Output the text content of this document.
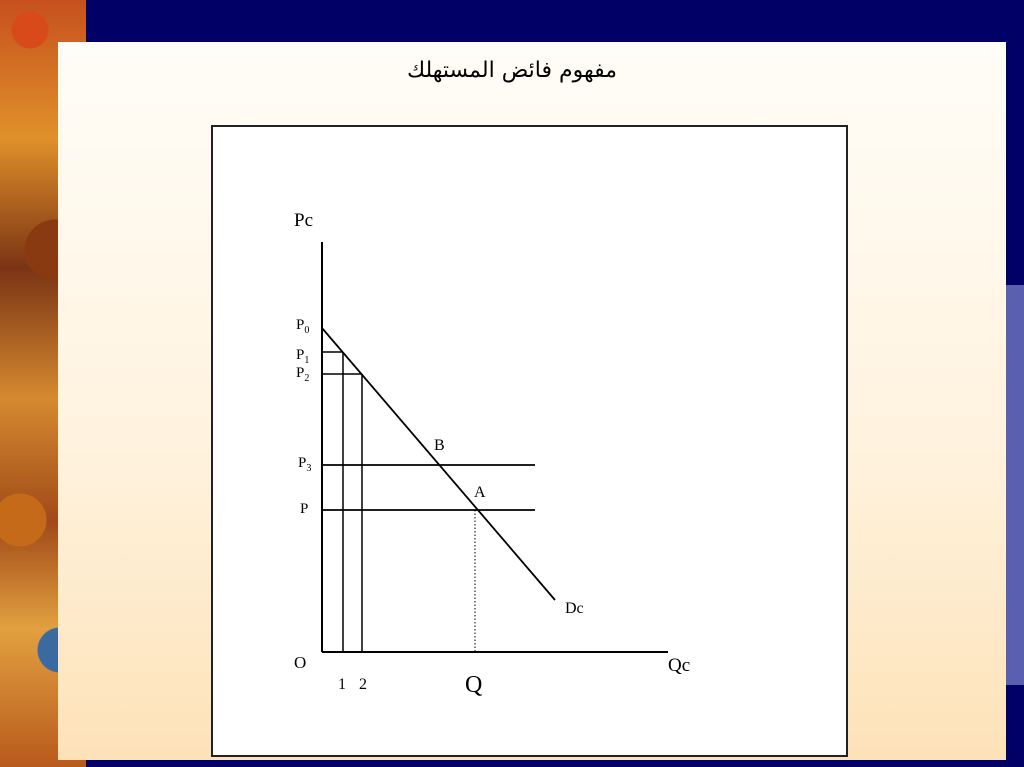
مفهوم فائض المستهلك
Pc
Qc
O
$P_0$
$P_1$
$P_2$
$P_3$
P
1 2	Q
B
A
Dc
